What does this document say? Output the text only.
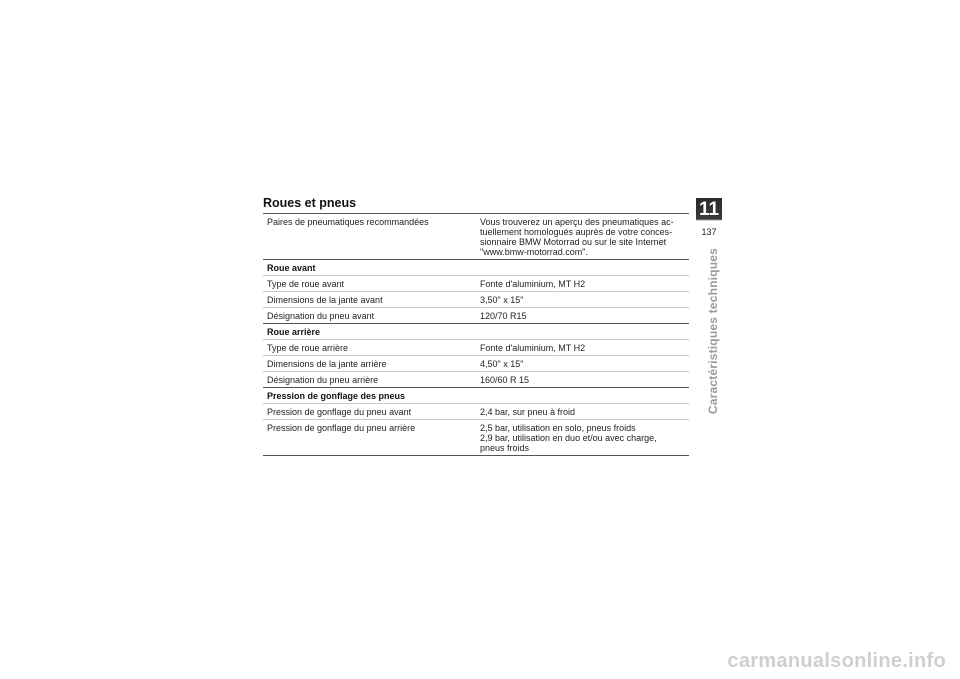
Roues et pneus
Paires de pneumatiques recommandées	Vous trouverez un aperçu des pneumatiques ac-
tuellement homologués auprès de votre conces-
sionnaire BMW Motorrad ou sur le site Internet
"www.bmw-motorrad.com".
Roue avant
Type de roue avant	Fonte d'aluminium, MT H2
Dimensions de la jante avant	3,50" x 15"
Désignation du pneu avant	120/70 R15
Roue arrière
Type de roue arrière	Fonte d'aluminium, MT H2
Dimensions de la jante arrière	4,50" x 15"
Désignation du pneu arrière	160/60 R 15
Pression de gonflage des pneus
Pression de gonflage du pneu avant	2,4 bar, sur pneu à froid
Pression de gonflage du pneu arrière	2,5 bar, utilisation en solo, pneus froids
2,9 bar, utilisation en duo et/ou avec charge,
pneus froids
11
137
Caractéristiques techniques
carmanualsonline.info
